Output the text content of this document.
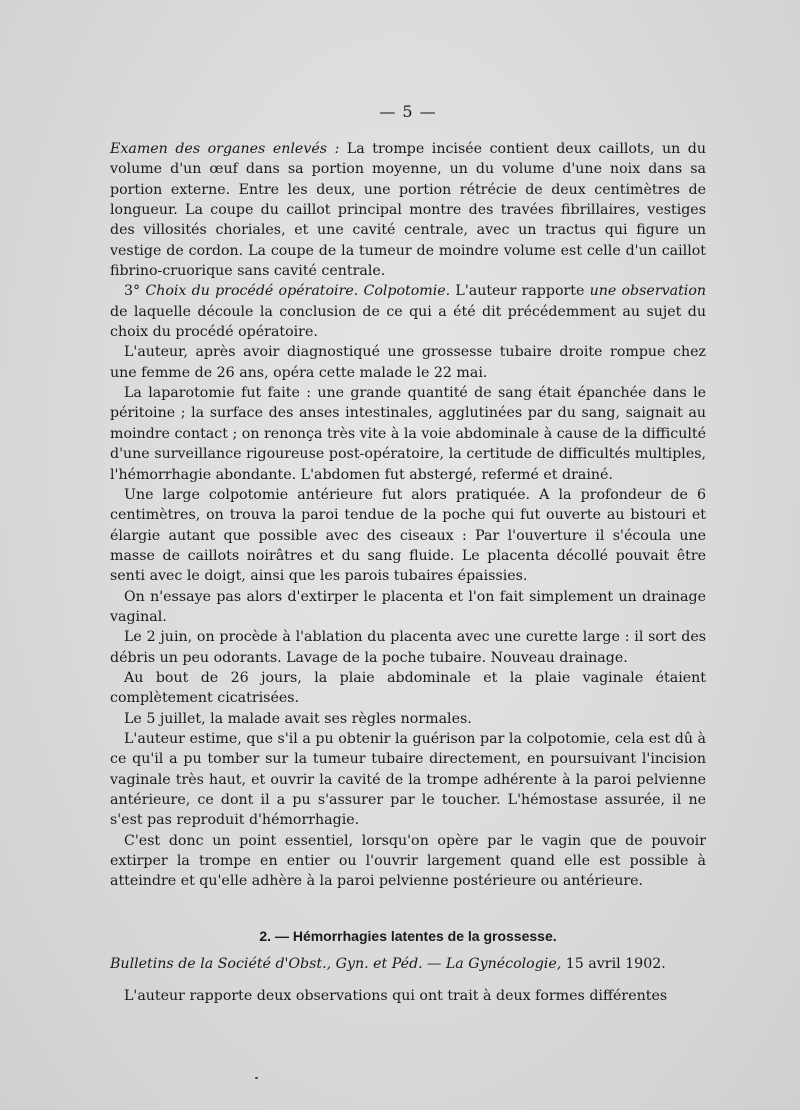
— 5 —

Examen des organes enlevés : La trompe incisée contient deux caillots, un du volume d'un œuf dans sa portion moyenne, un du volume d'une noix dans sa portion externe. Entre les deux, une portion rétrécie de deux centimètres de longueur. La coupe du caillot principal montre des travées fibrillaires, vestiges des villosités choriales, et une cavité centrale, avec un tractus qui figure un vestige de cordon. La coupe de la tumeur de moindre volume est celle d'un caillot fibrino-cruorique sans cavité centrale.

3° Choix du procédé opératoire. Colpotomie. L'auteur rapporte une observation de laquelle découle la conclusion de ce qui a été dit précédemment au sujet du choix du procédé opératoire.

L'auteur, après avoir diagnostiqué une grossesse tubaire droite rompue chez une femme de 26 ans, opéra cette malade le 22 mai.

La laparotomie fut faite : une grande quantité de sang était épanchée dans le péritoine ; la surface des anses intestinales, agglutinées par du sang, saignait au moindre contact ; on renonça très vite à la voie abdominale à cause de la difficulté d'une surveillance rigoureuse post-opératoire, la certitude de difficultés multiples, l'hémorrhagie abondante. L'abdomen fut abstergé, refermé et drainé.

Une large colpotomie antérieure fut alors pratiquée. A la profondeur de 6 centimètres, on trouva la paroi tendue de la poche qui fut ouverte au bistouri et élargie autant que possible avec des ciseaux : Par l'ouverture il s'écoula une masse de caillots noirâtres et du sang fluide. Le placenta décollé pouvait être senti avec le doigt, ainsi que les parois tubaires épaissies.

On n'essaye pas alors d'extirper le placenta et l'on fait simplement un drainage vaginal.

Le 2 juin, on procède à l'ablation du placenta avec une curette large : il sort des débris un peu odorants. Lavage de la poche tubaire. Nouveau drainage.

Au bout de 26 jours, la plaie abdominale et la plaie vaginale étaient complètement cicatrisées.

Le 5 juillet, la malade avait ses règles normales.

L'auteur estime, que s'il a pu obtenir la guérison par la colpotomie, cela est dû à ce qu'il a pu tomber sur la tumeur tubaire directement, en poursuivant l'incision vaginale très haut, et ouvrir la cavité de la trompe adhérente à la paroi pelvienne antérieure, ce dont il a pu s'assurer par le toucher. L'hémostase assurée, il ne s'est pas reproduit d'hémorrhagie.

C'est donc un point essentiel, lorsqu'on opère par le vagin que de pouvoir extirper la trompe en entier ou l'ouvrir largement quand elle est possible à atteindre et qu'elle adhère à la paroi pelvienne postérieure ou antérieure.

2. — Hémorrhagies latentes de la grossesse.

Bulletins de la Société d'Obst., Gyn. et Péd. — La Gynécologie, 15 avril 1902.

L'auteur rapporte deux observations qui ont trait à deux formes différentes
